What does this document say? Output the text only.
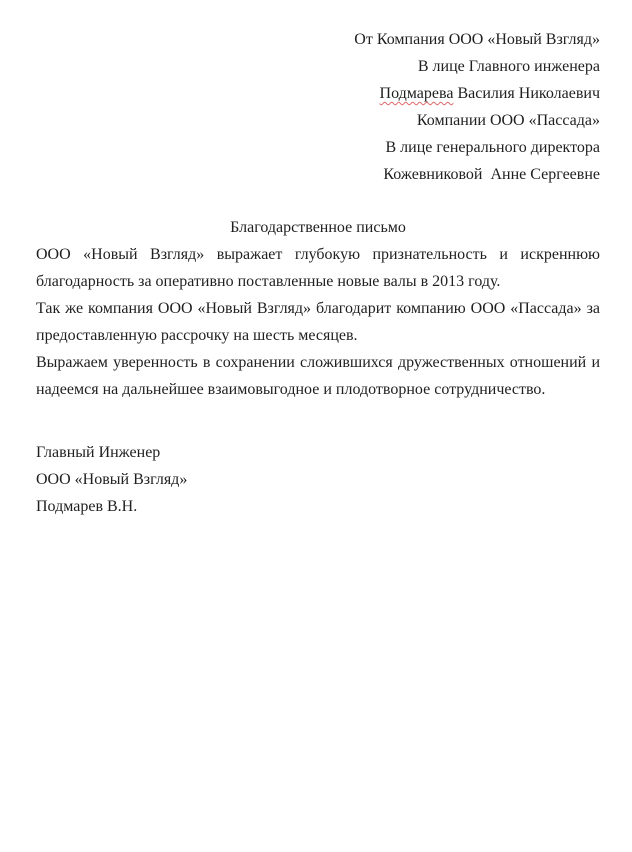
От Компания ООО «Новый Взгляд»
В лице Главного инженера
Подмарева Василия Николаевич
Компании ООО «Пассада»
В лице генерального директора
Кожевниковой  Анне Сергеевне
Благодарственное письмо

ООО «Новый Взгляд» выражает глубокую признательность и искреннюю благодарность за оперативно поставленные новые валы в 2013 году.

Так же компания ООО «Новый Взгляд» благодарит компанию ООО «Пассада» за предоставленную рассрочку на шесть месяцев.

Выражаем уверенность в сохранении сложившихся дружественных отношений и надеемся на дальнейшее взаимовыгодное и плодотворное сотрудничество.

Главный Инженер
ООО «Новый Взгляд»
Подмарев В.Н.
